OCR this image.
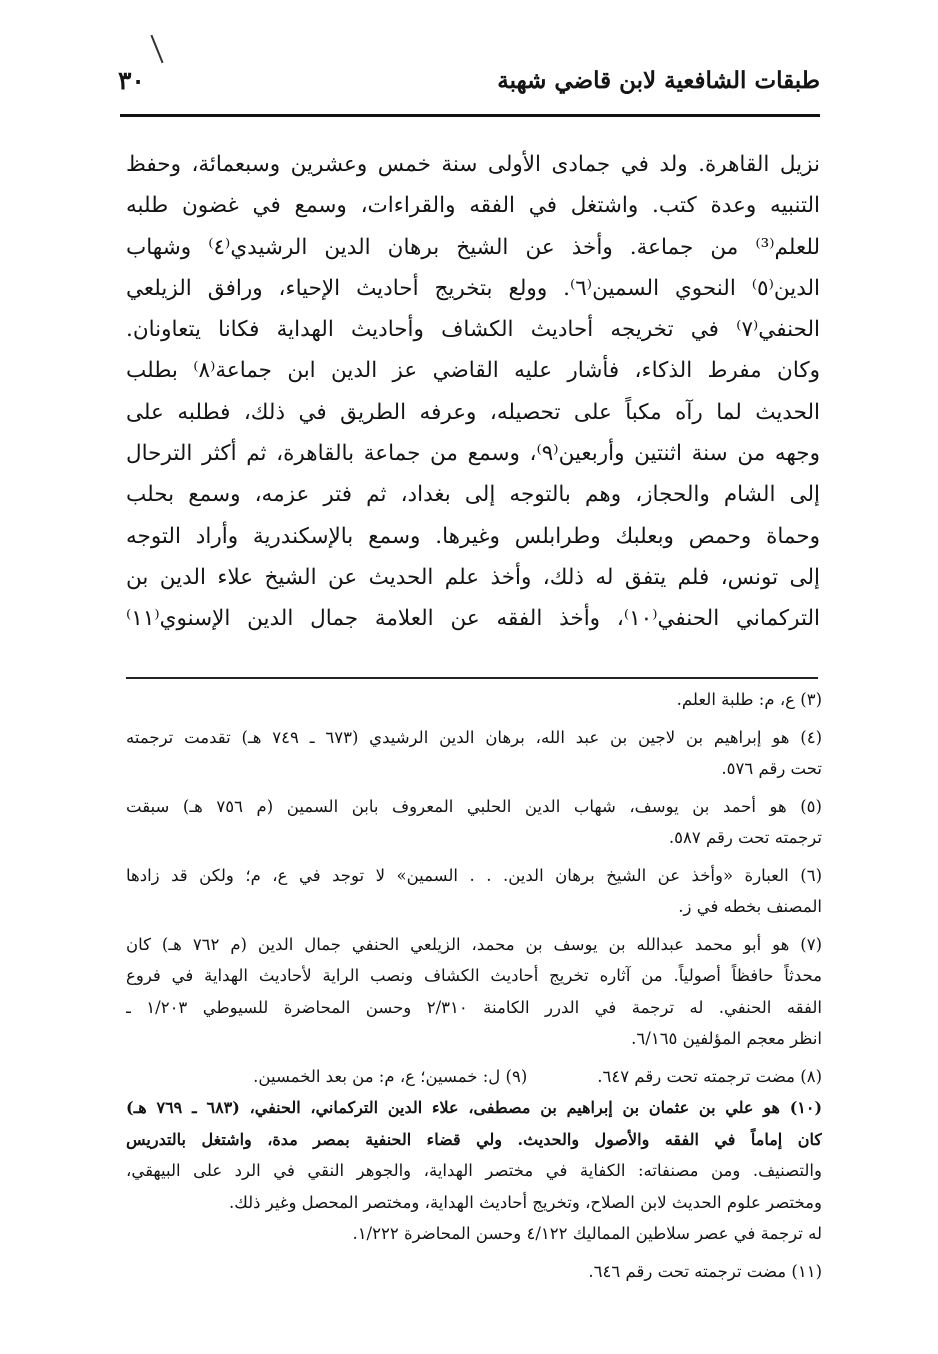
طبقات الشافعية لابن قاضي شهبة
٣٠
نزيل القاهرة. ولد في جمادى الأولى سنة خمس وعشرين وسبعمائة، وحفظ
التنبيه وعدة كتب. واشتغل في الفقه والقراءات، وسمع في غضون طلبه
للعلم⁽³⁾ من جماعة. وأخذ عن الشيخ برهان الدين الرشيدي⁽٤⁾ وشهاب
الدين⁽٥⁾ النحوي السمين⁽٦⁾. وولع بتخريج أحاديث الإحياء، ورافق الزيلعي
الحنفي⁽٧⁾ في تخريجه أحاديث الكشاف وأحاديث الهداية فكانا يتعاونان.
وكان مفرط الذكاء، فأشار عليه القاضي عز الدين ابن جماعة⁽٨⁾ بطلب
الحديث لما رآه مكباً على تحصيله، وعرفه الطريق في ذلك، فطلبه على
وجهه من سنة اثنتين وأربعين⁽٩⁾، وسمع من جماعة بالقاهرة، ثم أكثر الترحال
إلى الشام والحجاز، وهم بالتوجه إلى بغداد، ثم فتر عزمه، وسمع بحلب
وحماة وحمص وبعلبك وطرابلس وغيرها. وسمع بالإسكندرية وأراد التوجه
إلى تونس، فلم يتفق له ذلك، وأخذ علم الحديث عن الشيخ علاء الدين بن
التركماني الحنفي⁽١٠⁾، وأخذ الفقه عن العلامة جمال الدين الإسنوي⁽١١⁾
(٣) ع، م: طلبة العلم.
(٤) هو إبراهيم بن لاجين بن عبد الله، برهان الدين الرشيدي (٦٧٣ ـ ٧٤٩ هـ) تقدمت ترجمته
تحت رقم ٥٧٦.
(٥) هو أحمد بن يوسف، شهاب الدين الحلبي المعروف بابن السمين (م ٧٥٦ هـ) سبقت
ترجمته تحت رقم ٥٨٧.
(٦) العبارة «وأخذ عن الشيخ برهان الدين. . . السمين» لا توجد في ع، م؛ ولكن قد زادها
المصنف بخطه في ز.
(٧) هو أبو محمد عبدالله بن يوسف بن محمد، الزيلعي الحنفي جمال الدين (م ٧٦٢ هـ) كان
محدثاً حافظاً أصولياً. من آثاره تخريج أحاديث الكشاف ونصب الراية لأحاديث الهداية في فروع
الفقه الحنفي. له ترجمة في الدرر الكامنة ٢/٣١٠ وحسن المحاضرة للسيوطي ١/٢٠٣ ـ
انظر معجم المؤلفين ٦/١٦٥.
(٨) مضت ترجمته تحت رقم ٦٤٧.
(٩) ل: خمسين؛ ع، م: من بعد الخمسين.
(١٠) هو علي بن عثمان بن إبراهيم بن مصطفى، علاء الدين التركماني، الحنفي، (٦٨٣ ـ ٧٦٩ هـ)
كان إماماً في الفقه والأصول والحديث. ولي قضاء الحنفية بمصر مدة، واشتغل بالتدريس
والتصنيف. ومن مصنفاته: الكفاية في مختصر الهداية، والجوهر النقي في الرد على البيهقي،
ومختصر علوم الحديث لابن الصلاح، وتخريج أحاديث الهداية، ومختصر المحصل وغير ذلك.
له ترجمة في عصر سلاطين المماليك ٤/١٢٢ وحسن المحاضرة ١/٢٢٢.
(١١) مضت ترجمته تحت رقم ٦٤٦.
